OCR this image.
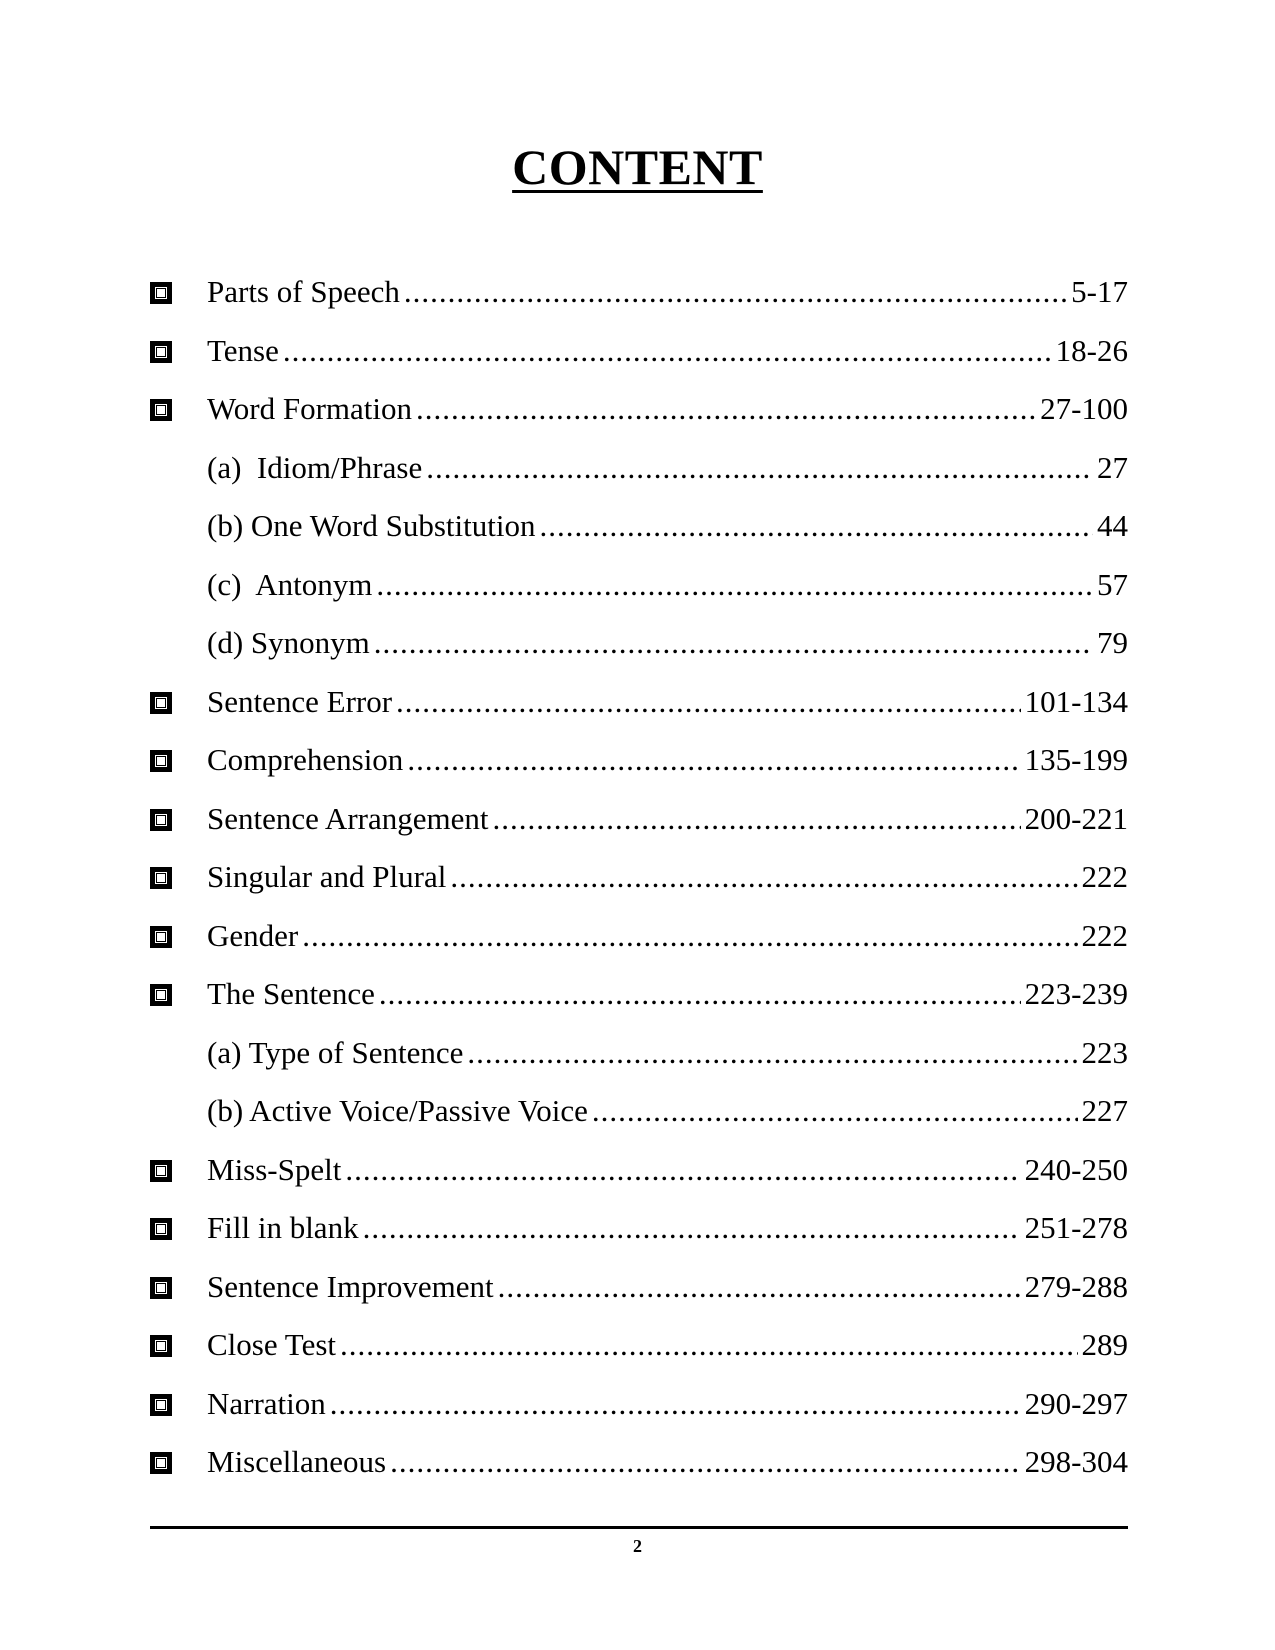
CONTENT
Parts of Speech .....	5-17
Tense .....	18-26
Word Formation .....	27-100
(a)  Idiom/Phrase .....	27
(b) One Word Substitution .....	44
(c)  Antonym .....	57
(d) Synonym .....	79
Sentence Error .....	101-134
Comprehension .....	135-199
Sentence Arrangement .....	200-221
Singular and Plural .....	222
Gender .....	222
The Sentence .....	223-239
(a) Type of Sentence .....	223
(b) Active Voice/Passive Voice .....	227
Miss-Spelt .....	240-250
Fill in blank .....	251-278
Sentence Improvement .....	279-288
Close Test .....	289
Narration .....	290-297
Miscellaneous .....	298-304

2
